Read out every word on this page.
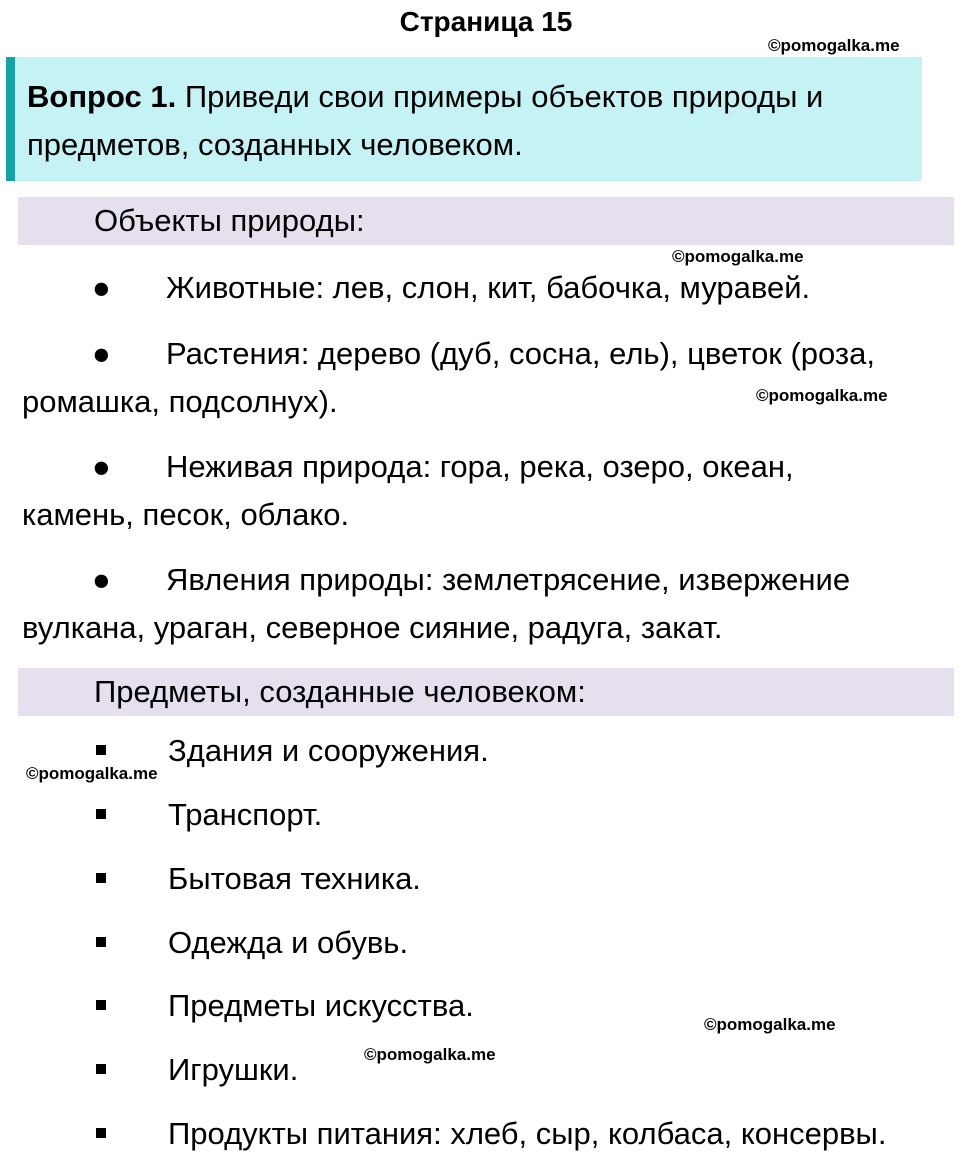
Страница 15
©pomogalka.me
Вопрос 1. Приведи свои примеры объектов природы и предметов, созданных человеком.
Объекты природы:
©pomogalka.me
● Животные: лев, слон, кит, бабочка, муравей.
● Растения: дерево (дуб, сосна, ель), цветок (роза,
ромашка, подсолнух).	©pomogalka.me
● Неживая природа: гора, река, озеро, океан,
камень, песок, облако.
● Явления природы: землетрясение, извержение
вулкана, ураган, северное сияние, радуга, закат.
Предметы, созданные человеком:
Здания и сооружения.
©pomogalka.me
Транспорт.
Бытовая техника.
Одежда и обувь.
Предметы искусства.
©pomogalka.me
©pomogalka.me
Игрушки.
Продукты питания: хлеб, сыр, колбаса, консервы.
